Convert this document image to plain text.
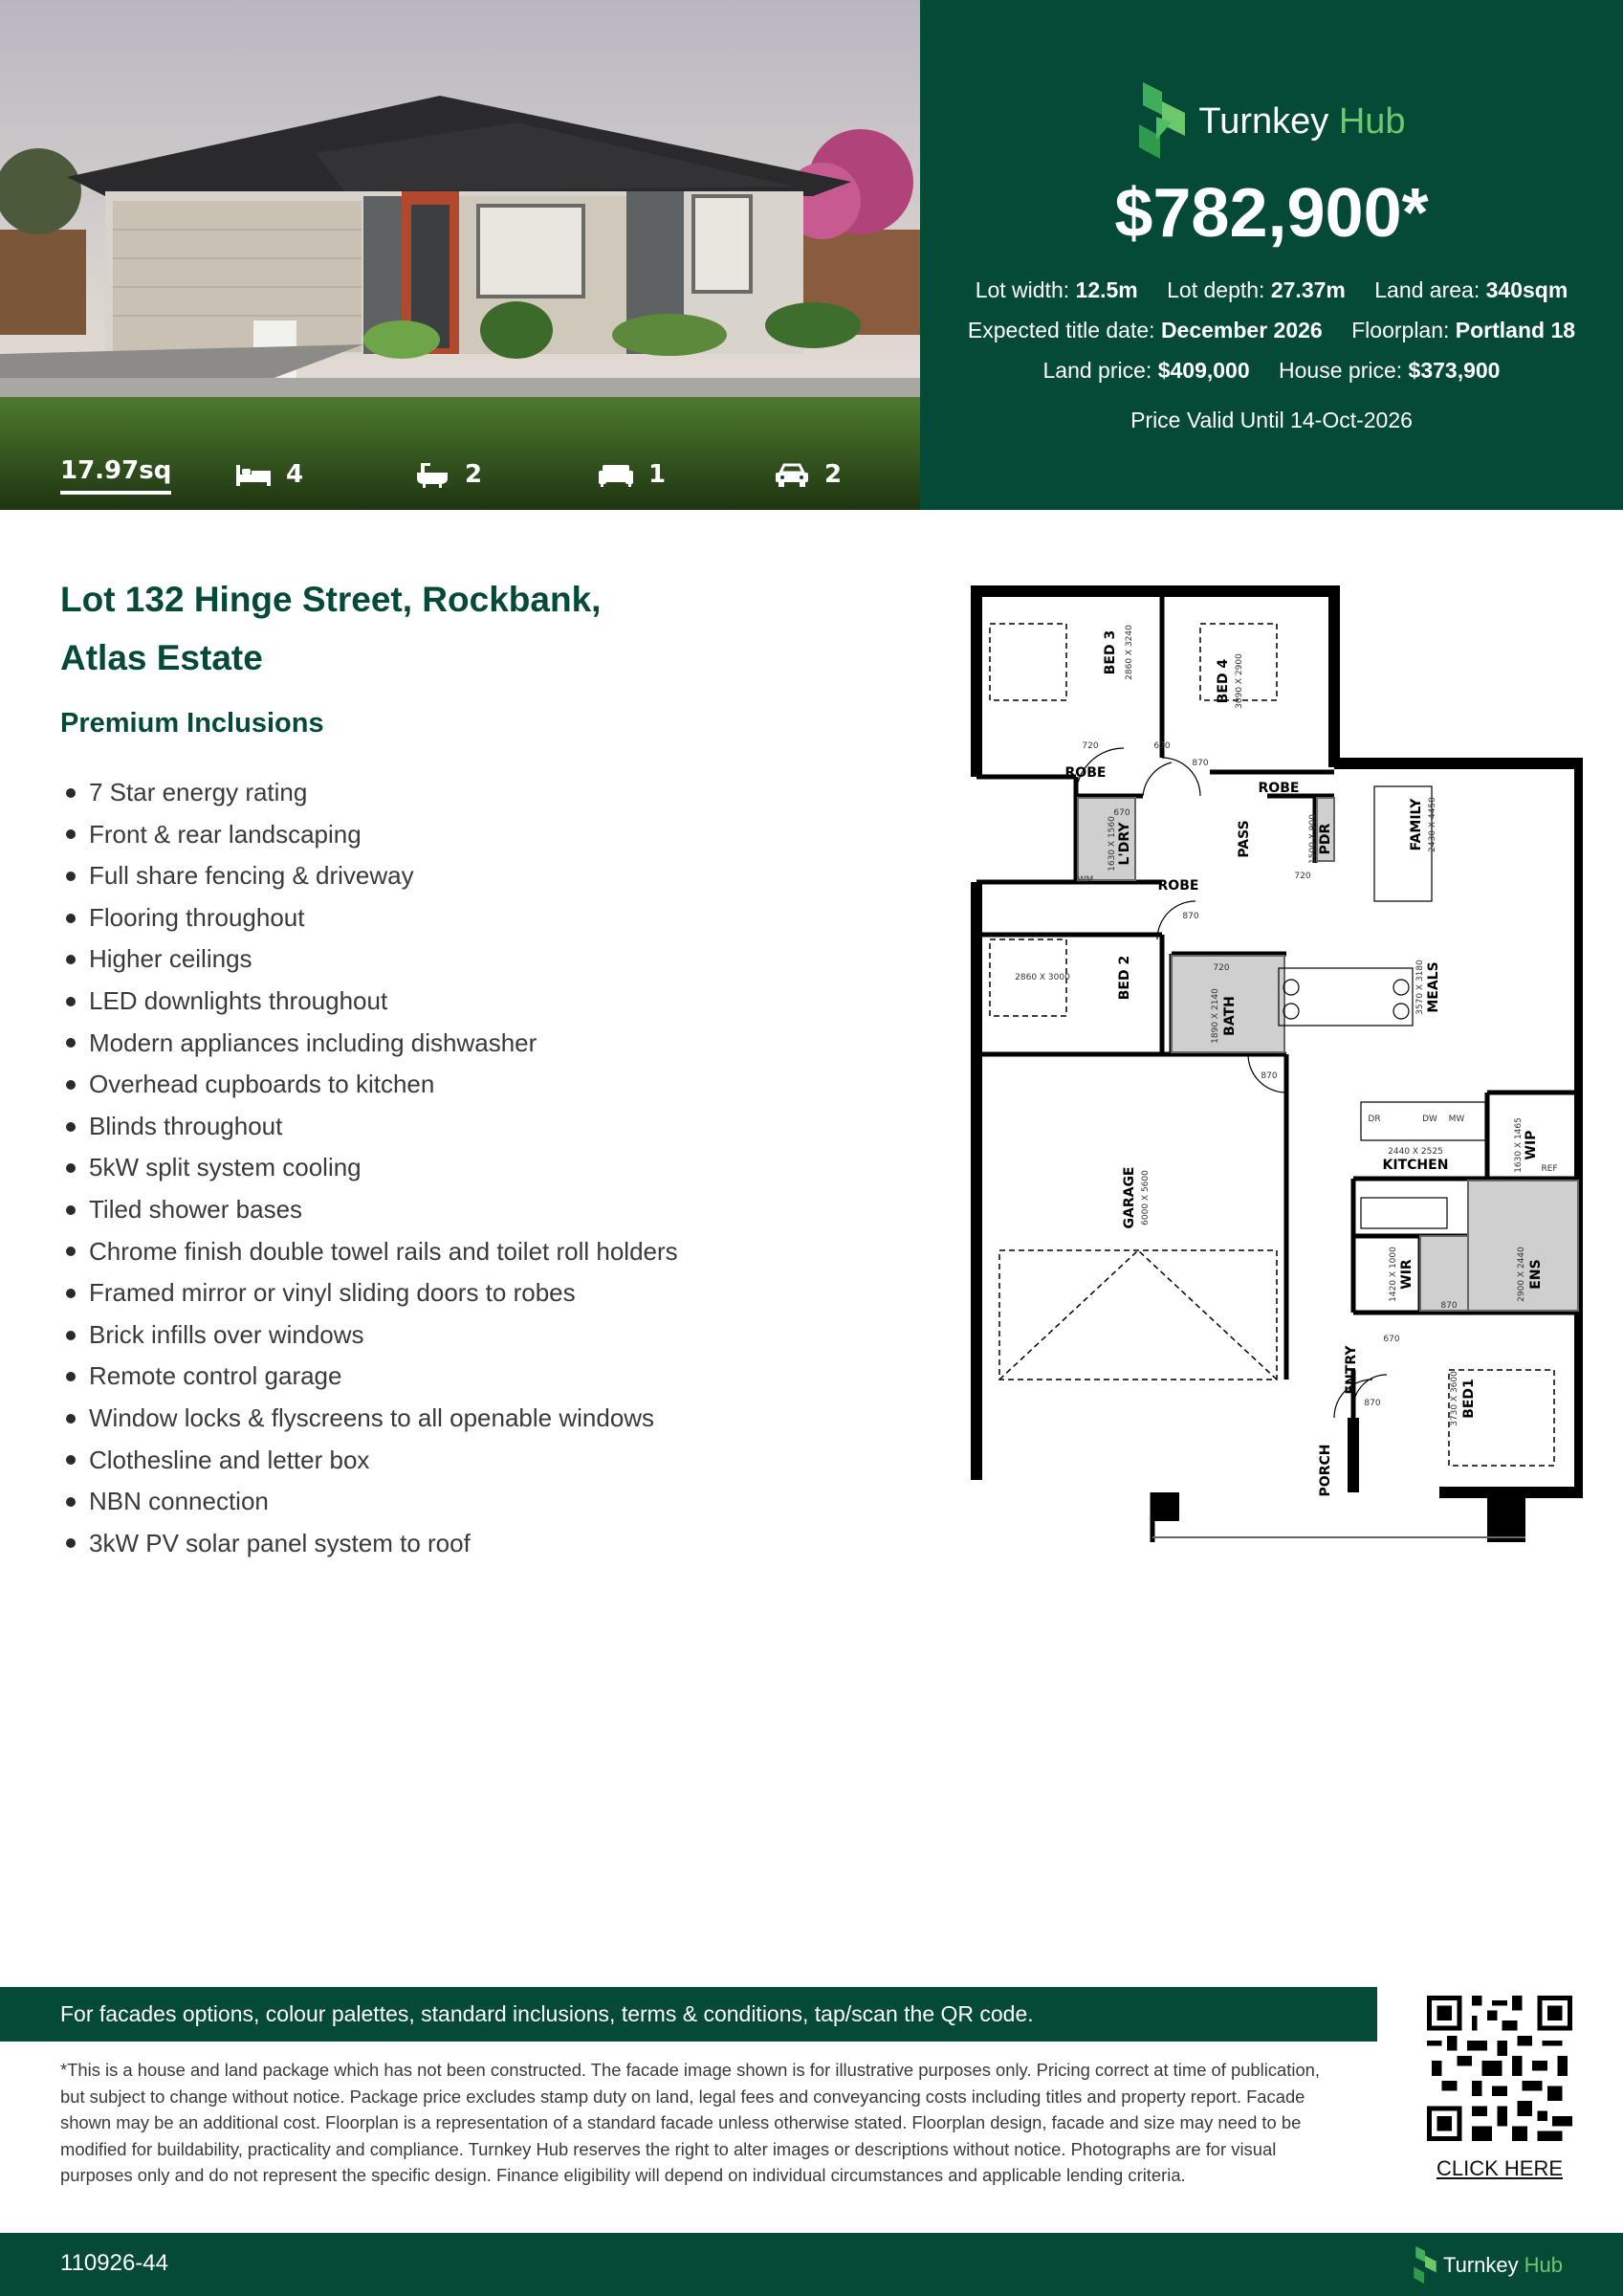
17.97sq	4	2	1	2
Turnkey Hub
$782,900*
Lot width: 12.5m Lot depth: 27.37m Land area: 340sqm
Expected title date: December 2026 Floorplan: Portland 18
Land price: $409,000 House price: $373,900
Price Valid Until 14-Oct-2026
Lot 132 Hinge Street, Rockbank,
Atlas Estate
Premium Inclusions
7 Star energy rating
Front & rear landscaping
Full share fencing & driveway
Flooring throughout
Higher ceilings
LED downlights throughout
Modern appliances including dishwasher
Overhead cupboards to kitchen
Blinds throughout
5kW split system cooling
Tiled shower bases
Chrome finish double towel rails and toilet roll holders
Framed mirror or vinyl sliding doors to robes
Brick infills over windows
Remote control garage
Window locks & flyscreens to all openable windows
Clothesline and letter box
NBN connection
3kW PV solar panel system to roof
BED 3
BED 4
ROBE
ROBE
L'DRY
ROBE
PASS	PDR	FAMILY
BED 2
BATH
MEALS
KITCHEN
WIP
GARAGE
WIR	ENS
ENTRY
BED1
PORCH
2860 X 3240
3090 X 2900
1630 X 1560	1500 X 900	2430 X 4450
2860 X 3000
1890 X 2140
3570 X 3180
2440 X 2525	1630 X 1465
6000 X 5600
1420 X 1000	2900 X 2440
3730 X 3600
720	670
870
670
720
870
720
870
870
870
670
DR	DW MW
REF
WM
For facades options, colour palettes, standard inclusions, terms & conditions, tap/scan the QR code.
*This is a house and land package which has not been constructed. The facade image shown is for illustrative purposes only. Pricing correct at time of publication, but subject to change without notice. Package price excludes stamp duty on land, legal fees and conveyancing costs including titles and property report. Facade shown may be an additional cost. Floorplan is a representation of a standard facade unless otherwise stated. Floorplan design, facade and size may need to be modified for buildability, practicality and compliance. Turnkey Hub reserves the right to alter images or descriptions without notice. Photographs are for visual purposes only and do not represent the specific design. Finance eligibility will depend on individual circumstances and applicable lending criteria.	CLICK HERE
110926-44	Turnkey Hub
